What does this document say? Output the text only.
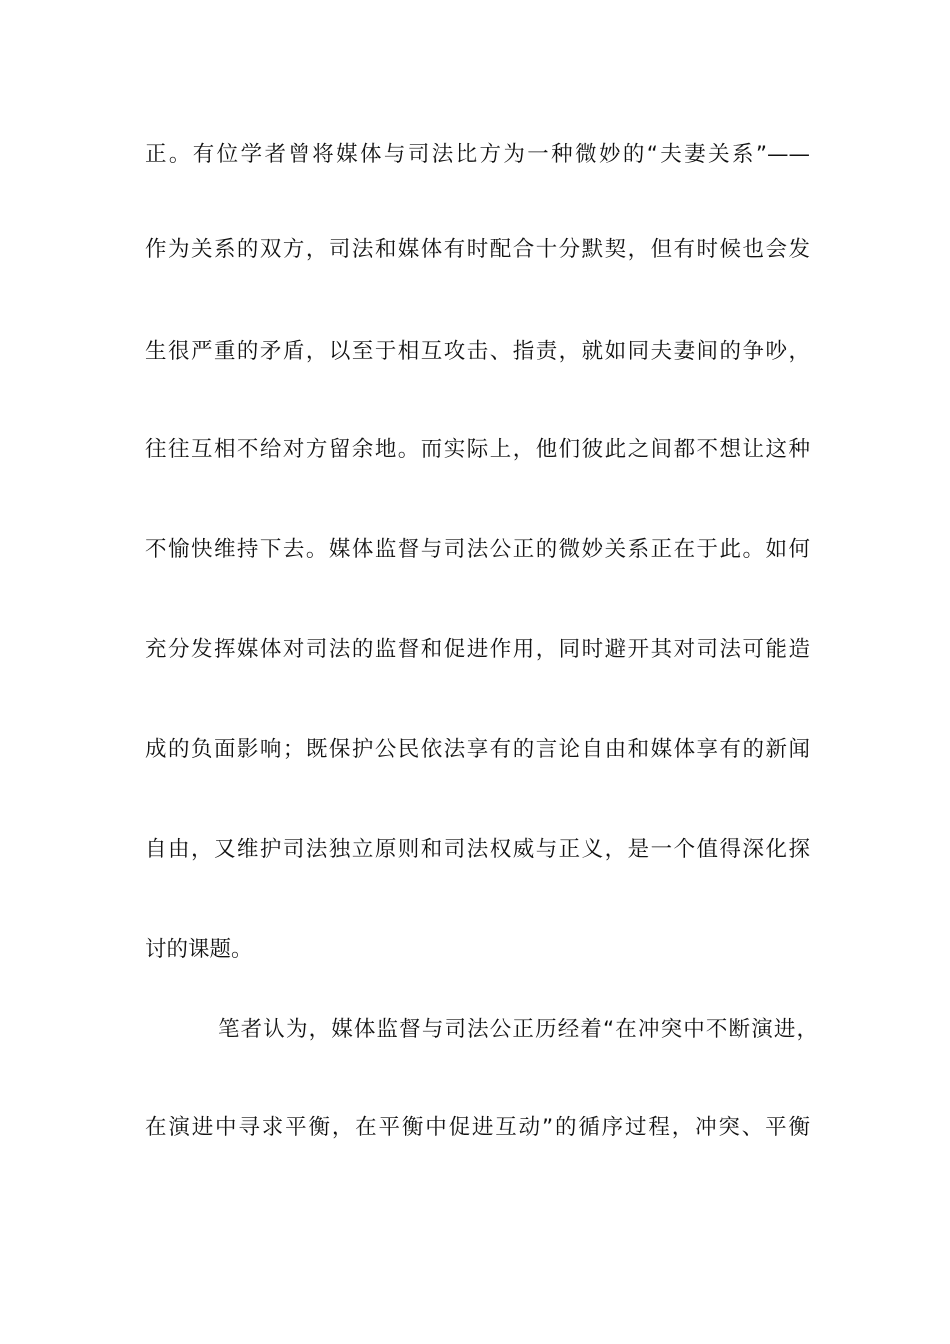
正。有位学者曾将媒体与司法比方为一种微妙的“夫妻关系”——
作为关系的双方，司法和媒体有时配合十分默契，但有时候也会发
生很严重的矛盾，以至于相互攻击、指责，就如同夫妻间的争吵，
往往互相不给对方留余地。而实际上，他们彼此之间都不想让这种
不愉快维持下去。媒体监督与司法公正的微妙关系正在于此。如何
充分发挥媒体对司法的监督和促进作用，同时避开其对司法可能造
成的负面影响；既保护公民依法享有的言论自由和媒体享有的新闻
自由，又维护司法独立原则和司法权威与正义，是一个值得深化探
讨的课题。
笔者认为，媒体监督与司法公正历经着“在冲突中不断演进，
在演进中寻求平衡，在平衡中促进互动”的循序过程，冲突、平衡
